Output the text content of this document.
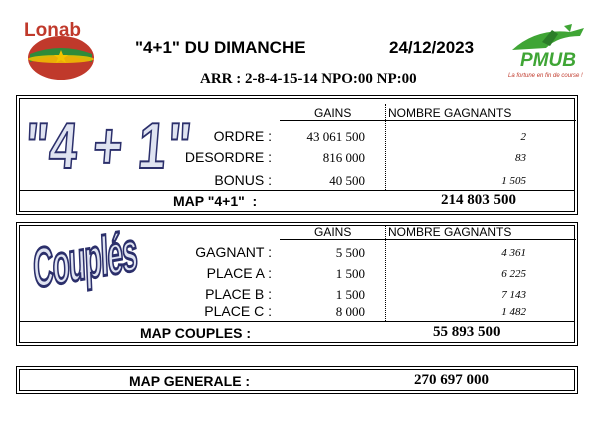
Lonab
"4+1" DU DIMANCHE	24/12/2023
ARR : 2-8-4-15-14 NPO:00 NP:00
PMUB
La fortune en fin de course !
"4 + 1"	GAINS	NOMBRE GAGNANTS
ORDRE :	43 061 500	2
DESORDRE :	816 000	83
BONUS :	40 500	1 505
MAP "4+1"  :	214 803 500
Couplés	GAINS	NOMBRE GAGNANTS
GAGNANT :	5 500	4 361
PLACE A :	1 500	6 225
PLACE B :	1 500	7 143
PLACE C :	8 000	1 482
MAP COUPLES :	55 893 500
MAP GENERALE :	270 697 000
